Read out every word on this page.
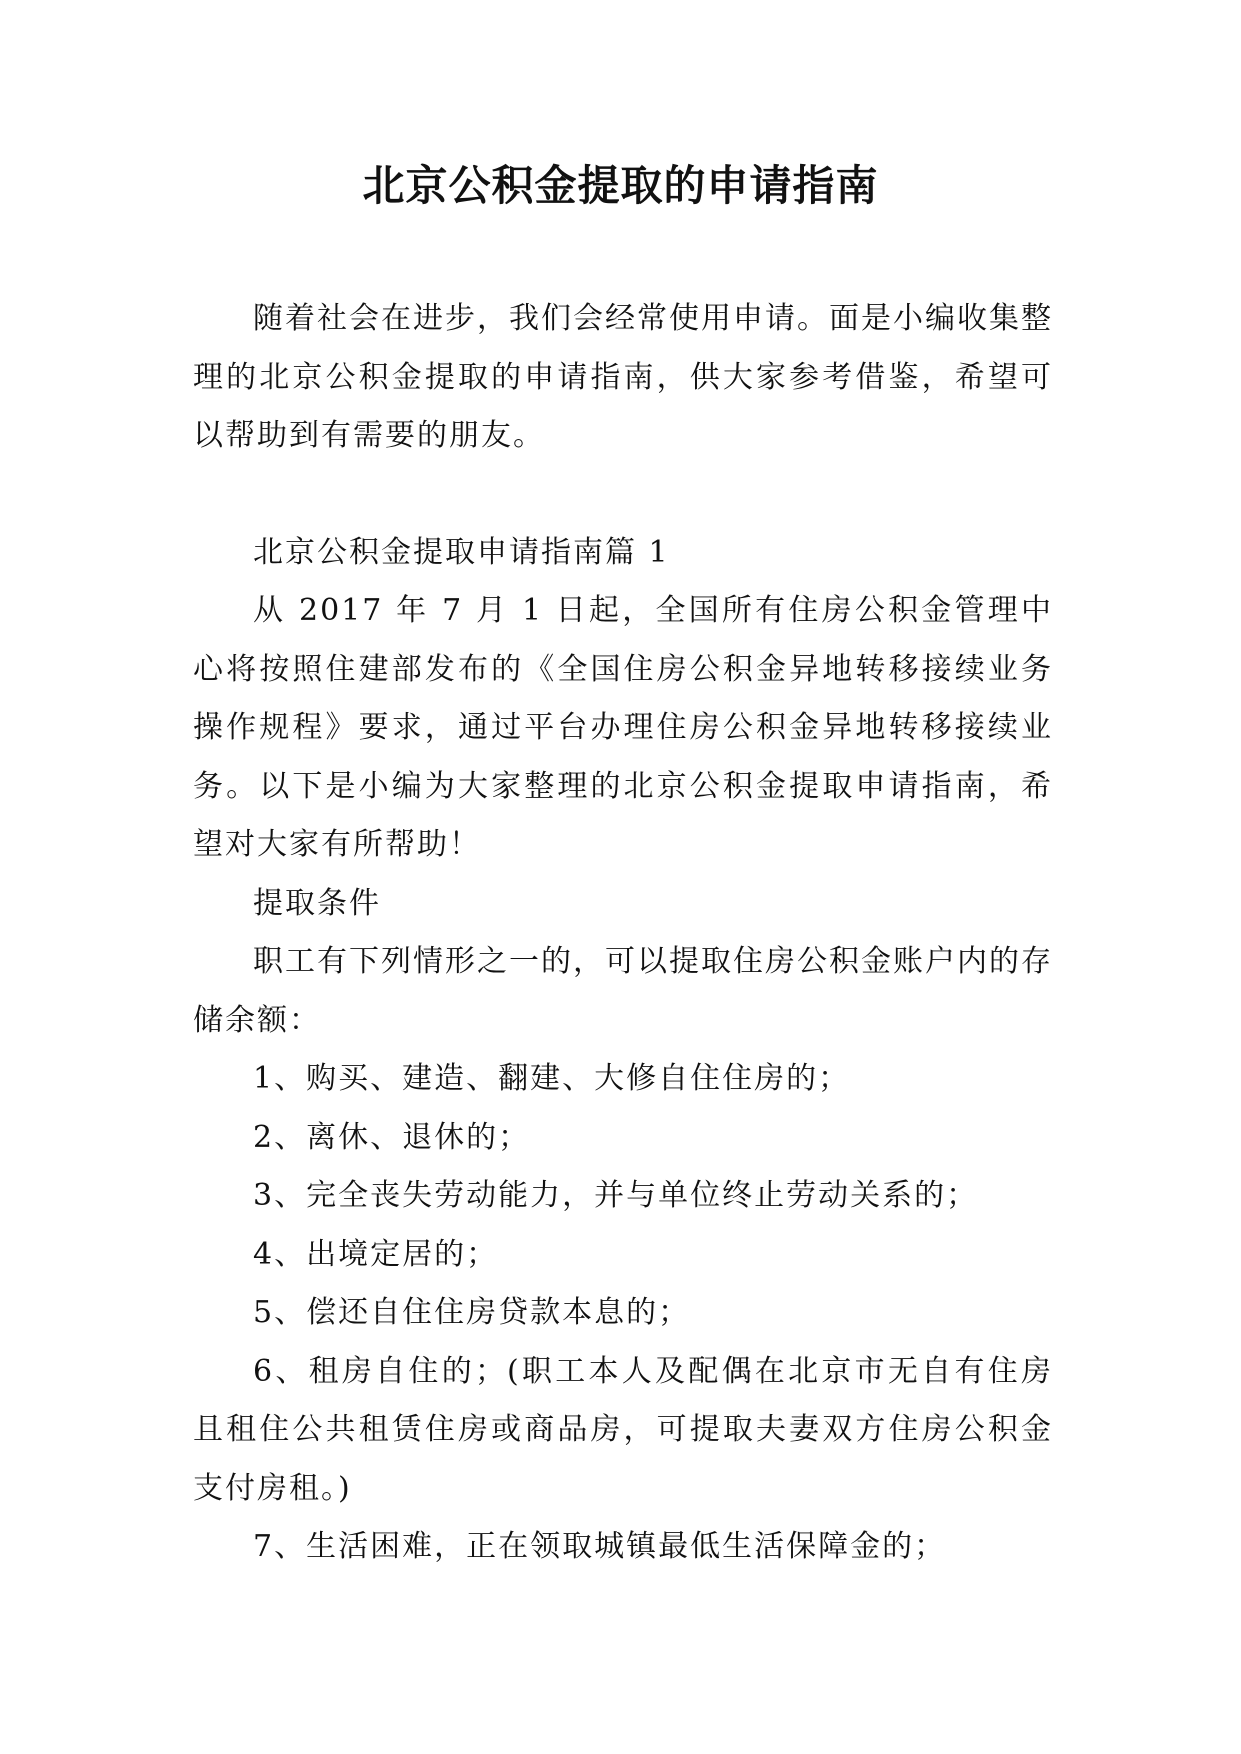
北京公积金提取的申请指南

随着社会在进步，我们会经常使用申请。面是小编收集整理的北京公积金提取的申请指南，供大家参考借鉴，希望可以帮助到有需要的朋友。

北京公积金提取申请指南篇 1

从 2017 年 7 月 1 日起，全国所有住房公积金管理中心将按照住建部发布的《全国住房公积金异地转移接续业务操作规程》要求，通过平台办理住房公积金异地转移接续业务。以下是小编为大家整理的北京公积金提取申请指南，希望对大家有所帮助！

提取条件

职工有下列情形之一的，可以提取住房公积金账户内的存储余额：

1、购买、建造、翻建、大修自住住房的；

2、离休、退休的；

3、完全丧失劳动能力，并与单位终止劳动关系的；

4、出境定居的；

5、偿还自住住房贷款本息的；

6、租房自住的；(职工本人及配偶在北京市无自有住房且租住公共租赁住房或商品房，可提取夫妻双方住房公积金支付房租。)

7、生活困难，正在领取城镇最低生活保障金的；
